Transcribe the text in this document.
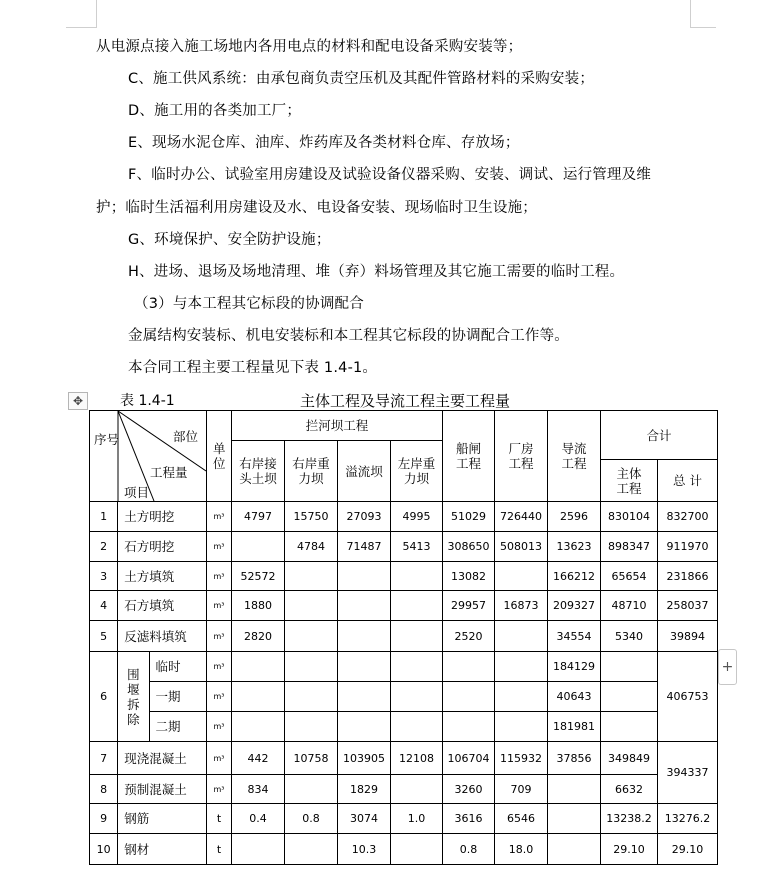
从电源点接入施工场地内各用电点的材料和配电设备采购安装等；
C、施工供风系统：由承包商负责空压机及其配件管路材料的采购安装；
D、施工用的各类加工厂；
E、现场水泥仓库、油库、炸药库及各类材料仓库、存放场；
F、临时办公、试验室用房建设及试验设备仪器采购、安装、调试、运行管理及维
护；临时生活福利用房建设及水、电设备安装、现场临时卫生设施；
G、环境保护、安全防护设施；
H、进场、退场及场地清理、堆（弃）料场管理及其它施工需要的临时工程。
（3）与本工程其它标段的协调配合
金属结构安装标、机电安装标和本工程其它标段的协调配合工作等。
本合同工程主要工程量见下表 1.4-1。
✥
+
表 1.4-1	主体工程及导流工程主要工程量
序号 部位
工程量
项目			单位	拦河坝工程				船闸工程	厂房工程	导流工程	合计	
				右岸接头土坝	右岸重力坝	溢流坝	左岸重力坝					
											主体工程	总 计
1	土方明挖		m³	4797	15750	27093	4995	51029	726440	2596	830104	832700
2	石方明挖		m³		4784	71487	5413	308650	508013	13623	898347	911970
3	土方填筑		m³	52572				13082		166212	65654	231866
4	石方填筑		m³	1880				29957	16873	209327	48710	258037
5	反滤料填筑		m³	2820				2520		34554	5340	39894
6	围堰拆除	临时	m³							184129		406753
		一期	m³							40643		
		二期	m³							181981		
7	现浇混凝土		m³	442	10758	103905	12108	106704	115932	37856	349849	394337
8	预制混凝土		m³	834		1829		3260	709		6632	
9	钢筋		t	0.4	0.8	3074	1.0	3616	6546		13238.2	13276.2
10	钢材		t			10.3		0.8	18.0		29.10	29.10
